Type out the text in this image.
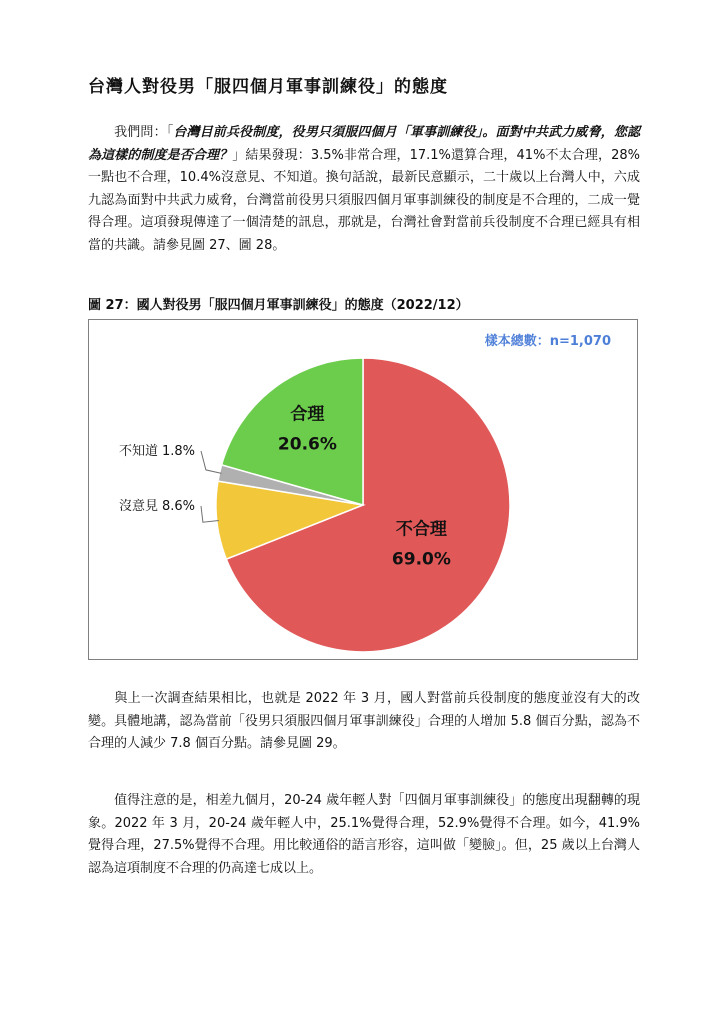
台灣人對役男「服四個月軍事訓練役」的態度
我們問：「台灣目前兵役制度，役男只須服四個月「軍事訓練役」。面對中共武力威脅，您認為這樣的制度是否合理？」結果發現：3.5%非常合理，17.1%還算合理，41%不太合理，28%一點也不合理，10.4%沒意見、不知道。換句話說，最新民意顯示，二十歲以上台灣人中，六成九認為面對中共武力威脅，台灣當前役男只須服四個月軍事訓練役的制度是不合理的，二成一覺得合理。這項發現傳達了一個清楚的訊息，那就是，台灣社會對當前兵役制度不合理已經具有相當的共識。請參見圖 27、圖 28。
圖 27：國人對役男「服四個月軍事訓練役」的態度（2022/12）
樣本總數：n=1,070
不合理
69.0%
沒意見 8.6%
不知道 1.8%
合理
20.6%
與上一次調查結果相比，也就是 2022 年 3 月，國人對當前兵役制度的態度並沒有大的改變。具體地講，認為當前「役男只須服四個月軍事訓練役」合理的人增加 5.8 個百分點，認為不合理的人減少 7.8 個百分點。請參見圖 29。
值得注意的是，相差九個月，20-24 歲年輕人對「四個月軍事訓練役」的態度出現翻轉的現象。2022 年 3 月，20-24 歲年輕人中，25.1%覺得合理，52.9%覺得不合理。如今，41.9%覺得合理，27.5%覺得不合理。用比較通俗的語言形容，這叫做「變臉」。但，25 歲以上台灣人認為這項制度不合理的仍高達七成以上。
